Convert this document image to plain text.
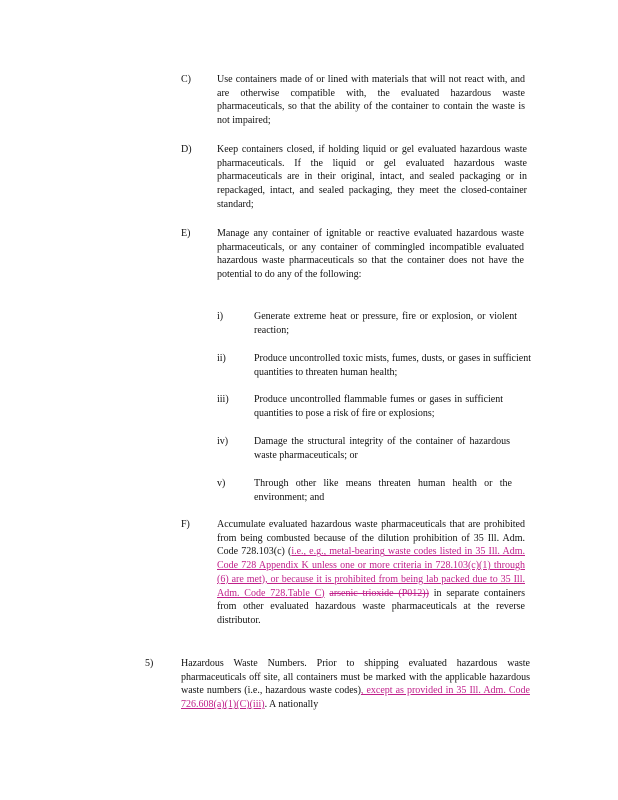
C)	Use containers made of or lined with materials that will not react with, and are otherwise compatible with, the evaluated hazardous waste pharmaceuticals, so that the ability of the container to contain the waste is not impaired;

D)	Keep containers closed, if holding liquid or gel evaluated hazardous waste pharmaceuticals. If the liquid or gel evaluated hazardous waste pharmaceuticals are in their original, intact, and sealed packaging or in repackaged, intact, and sealed packaging, they meet the closed-container standard;

E)	Manage any container of ignitable or reactive evaluated hazardous waste pharmaceuticals, or any container of commingled incompatible evaluated hazardous waste pharmaceuticals so that the container does not have the potential to do any of the following:

i)	Generate extreme heat or pressure, fire or explosion, or violent reaction;

ii)	Produce uncontrolled toxic mists, fumes, dusts, or gases in sufficient quantities to threaten human health;

iii)	Produce uncontrolled flammable fumes or gases in sufficient quantities to pose a risk of fire or explosions;

iv)	Damage the structural integrity of the container of hazardous waste pharmaceuticals; or

v)	Through other like means threaten human health or the environment; and

F)	Accumulate evaluated hazardous waste pharmaceuticals that are prohibited from being combusted because of the dilution prohibition of 35 Ill. Adm. Code 728.103(c) (i.e., e.g., metal-bearing waste codes listed in 35 Ill. Adm. Code 728 Appendix K unless one or more criteria in 728.103(c)(1) through (6) are met), or because it is prohibited from being lab packed due to 35 Ill. Adm. Code 728.Table C) arsenic trioxide (P012)) in separate containers from other evaluated hazardous waste pharmaceuticals at the reverse distributor.

5)	Hazardous Waste Numbers. Prior to shipping evaluated hazardous waste pharmaceuticals off site, all containers must be marked with the applicable hazardous waste numbers (i.e., hazardous waste codes), except as provided in 35 Ill. Adm. Code 726.608(a)(1)(C)(iii). A nationally
